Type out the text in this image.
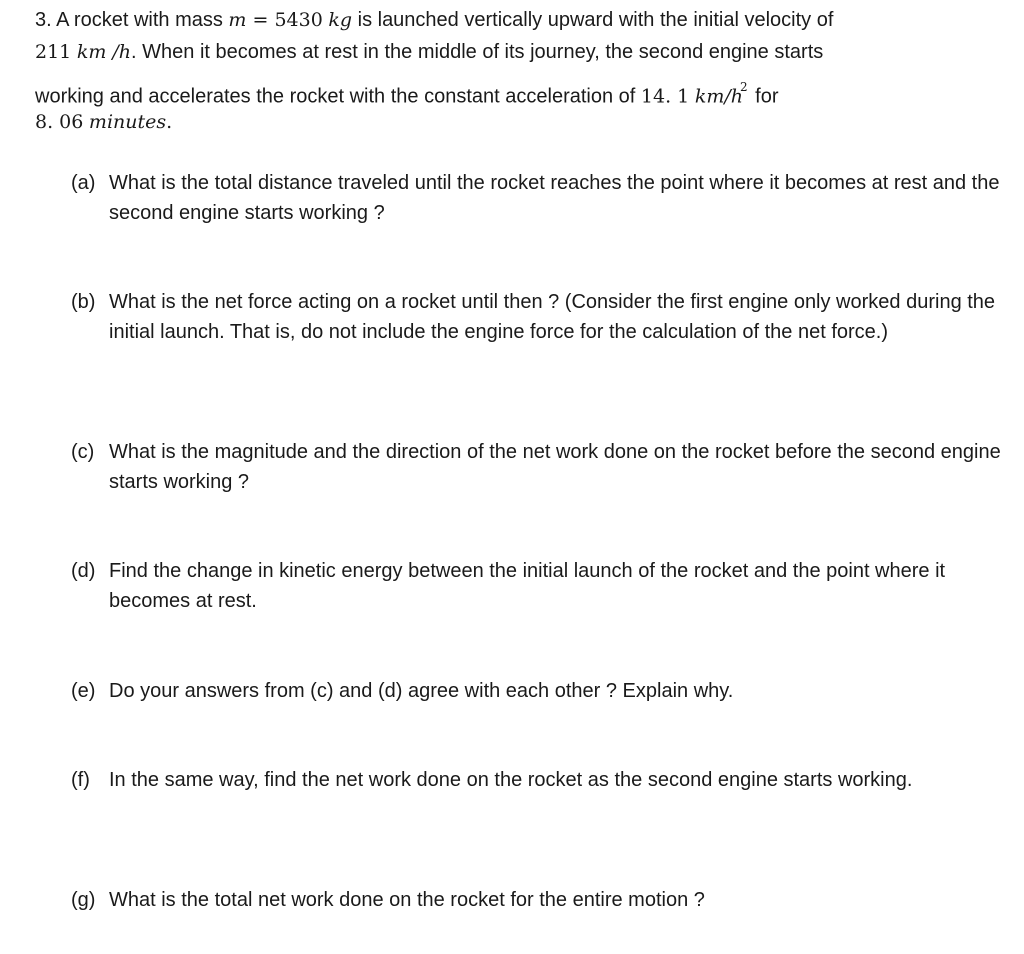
3. A rocket with mass m = 5430 kg is launched vertically upward with the initial velocity of
211 km /h. When it becomes at rest in the middle of its journey, the second engine starts
working and accelerates the rocket with the constant acceleration of 14. 1 $km/h^2$ for
8. 06 minutes.
(a) What is the total distance traveled until the rocket reaches the point where it becomes at rest and the second engine starts working ?
(b) What is the net force acting on a rocket until then ? (Consider the first engine only worked during the initial launch. That is, do not include the engine force for the calculation of the net force.)
(c) What is the magnitude and the direction of the net work done on the rocket before the second engine starts working ?
(d) Find the change in kinetic energy between the initial launch of the rocket and the point where it becomes at rest.
(e) Do your answers from (c) and (d) agree with each other ? Explain why.
(f) In the same way, find the net work done on the rocket as the second engine starts working.
(g) What is the total net work done on the rocket for the entire motion ?
